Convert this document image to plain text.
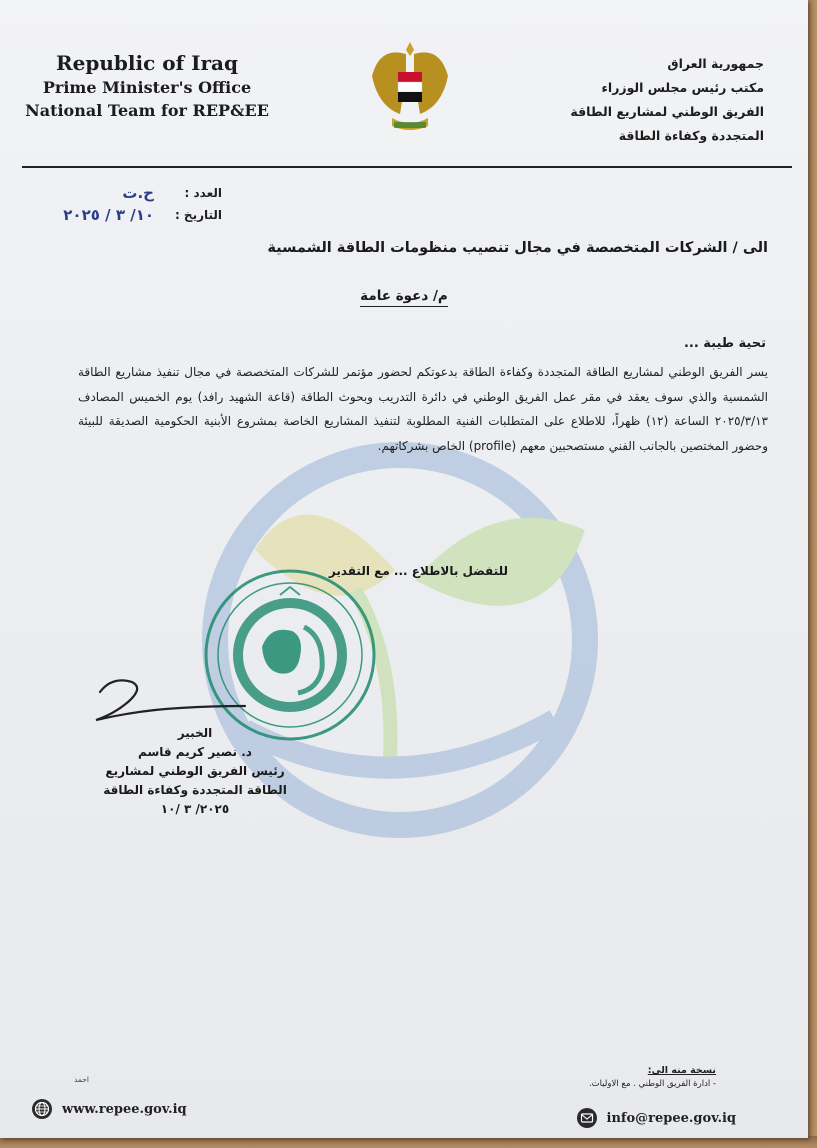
Republic of Iraq
Prime Minister's Office
National Team for REP&EE
جمهورية العراق
مكتب رئيس مجلس الوزراء
الفريق الوطني لمشاريع الطاقة
المتجددة وكفاءة الطاقة
العدد :
ح.ت
التاريخ :
١٠/ ٣ / ٢٠٢٥
الى / الشركات المتخصصة في مجال تنصيب منظومات الطاقة الشمسية
م/ دعوة عامة
تحية طيبة ...
يسر الفريق الوطني لمشاريع الطاقة المتجددة وكفاءة الطاقة بدعوتكم لحضور مؤتمر للشركات المتخصصة في مجال تنفيذ مشاريع الطاقة الشمسية والذي سوف يعقد في مقر عمل الفريق الوطني في دائرة التدريب وبحوث الطاقة (قاعة الشهيد رافد) يوم الخميس المصادف ٢٠٢٥/٣/١٣ الساعة (١٢) ظهراً، للاطلاع على المتطلبات الفنية المطلوبة لتنفيذ المشاريع الخاصة بمشروع الأبنية الحكومية الصديقة للبيئة وحضور المختصين بالجانب الفني مستصحبين معهم (profile) الخاص بشركاتهم.
للتفضل بالاطلاع ... مع التقدير
الخبير
د. نصير كريم قاسم
رئيس الفريق الوطني لمشاريع
الطاقة المتجددة وكفاءة الطاقة
٢٠٢٥/ ٣ /١٠
نسخة منه الى:
- ادارة الفريق الوطني . مع الاوليات.
احمد
www.repee.gov.iq
info@repee.gov.iq
